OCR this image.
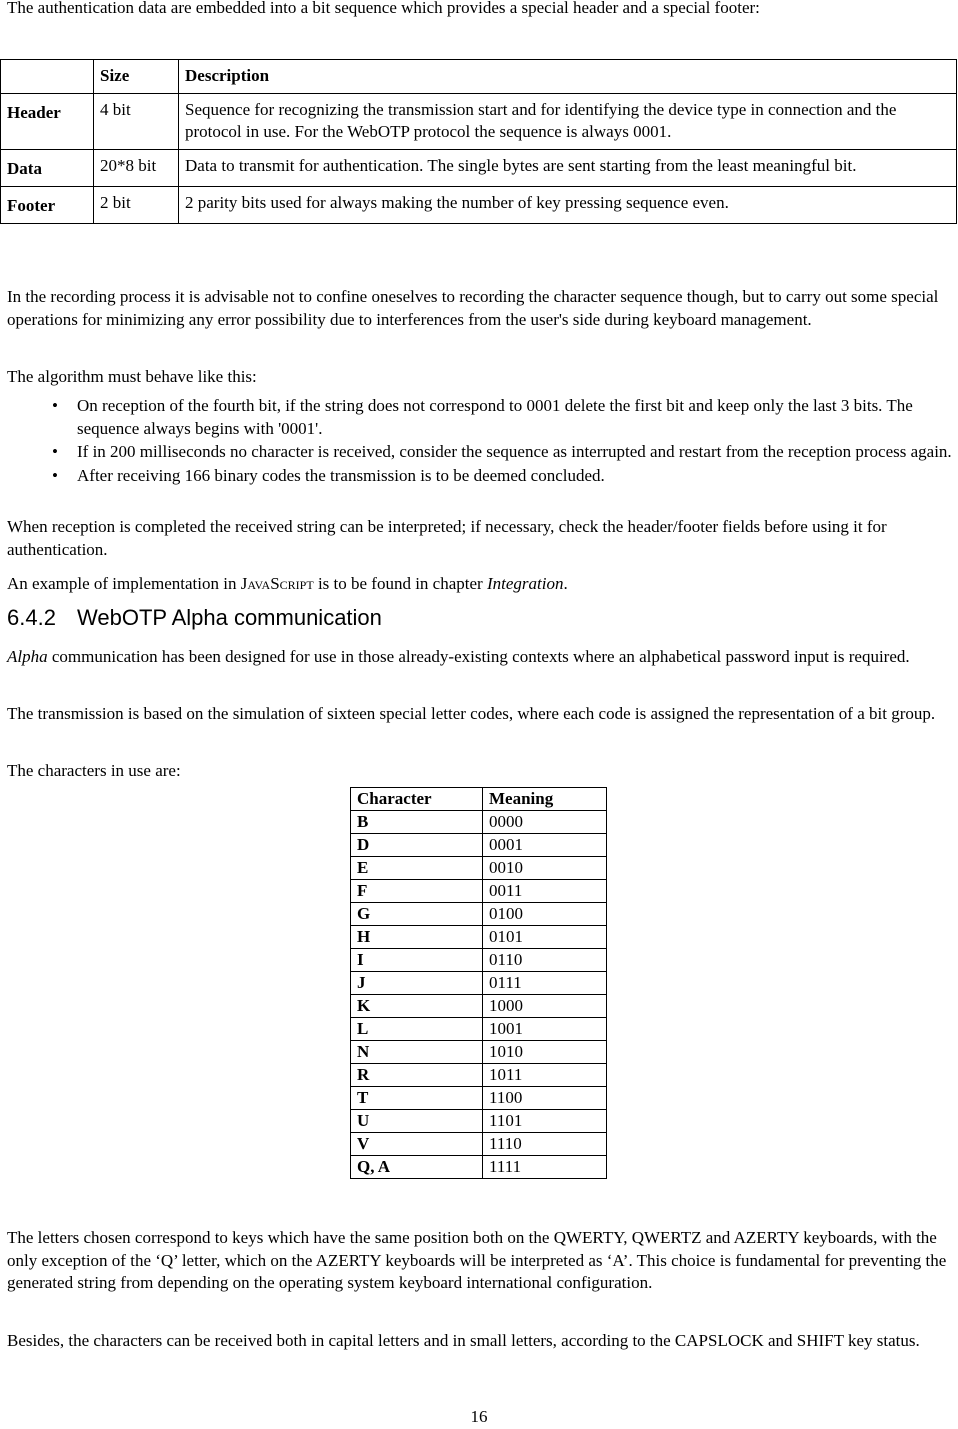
The authentication data are embedded into a bit sequence which provides a special header and a special footer:

	Size	Description
Header	4 bit	Sequence for recognizing the transmission start and for identifying the device type in connection and the protocol in use. For the WebOTP protocol the sequence is always 0001.
Data	20*8 bit	Data to transmit for authentication. The single bytes are sent starting from the least meaningful bit.
Footer	2 bit	2 parity bits used for always making the number of key pressing sequence even.

In the recording process it is advisable not to confine oneselves to recording the character sequence though, but to carry out some special operations for minimizing any error possibility due to interferences from the user's side during keyboard management.

The algorithm must behave like this:

• On reception of the fourth bit, if the string does not correspond to 0001 delete the first bit and keep only the last 3 bits. The sequence always begins with '0001'.
• If in 200 milliseconds no character is received, consider the sequence as interrupted and restart from the reception process again.
• After receiving 166 binary codes the transmission is to be deemed concluded.

When reception is completed the received string can be interpreted; if necessary, check the header/footer fields before using it for authentication.

An example of implementation in JavaScript is to be found in chapter Integration.

6.4.2 WebOTP Alpha communication

Alpha communication has been designed for use in those already-existing contexts where an alphabetical password input is required.

The transmission is based on the simulation of sixteen special letter codes, where each code is assigned the representation of a bit group.

The characters in use are:

Character	Meaning
B	0000
D	0001
E	0010
F	0011
G	0100
H	0101
I	0110
J	0111
K	1000
L	1001
N	1010
R	1011
T	1100
U	1101
V	1110
Q, A	1111

The letters chosen correspond to keys which have the same position both on the QWERTY, QWERTZ and AZERTY keyboards, with the only exception of the ‘Q’ letter, which on the AZERTY keyboards will be interpreted as ‘A’. This choice is fundamental for preventing the generated string from depending on the operating system keyboard international configuration.

Besides, the characters can be received both in capital letters and in small letters, according to the CAPSLOCK and SHIFT key status.

16
